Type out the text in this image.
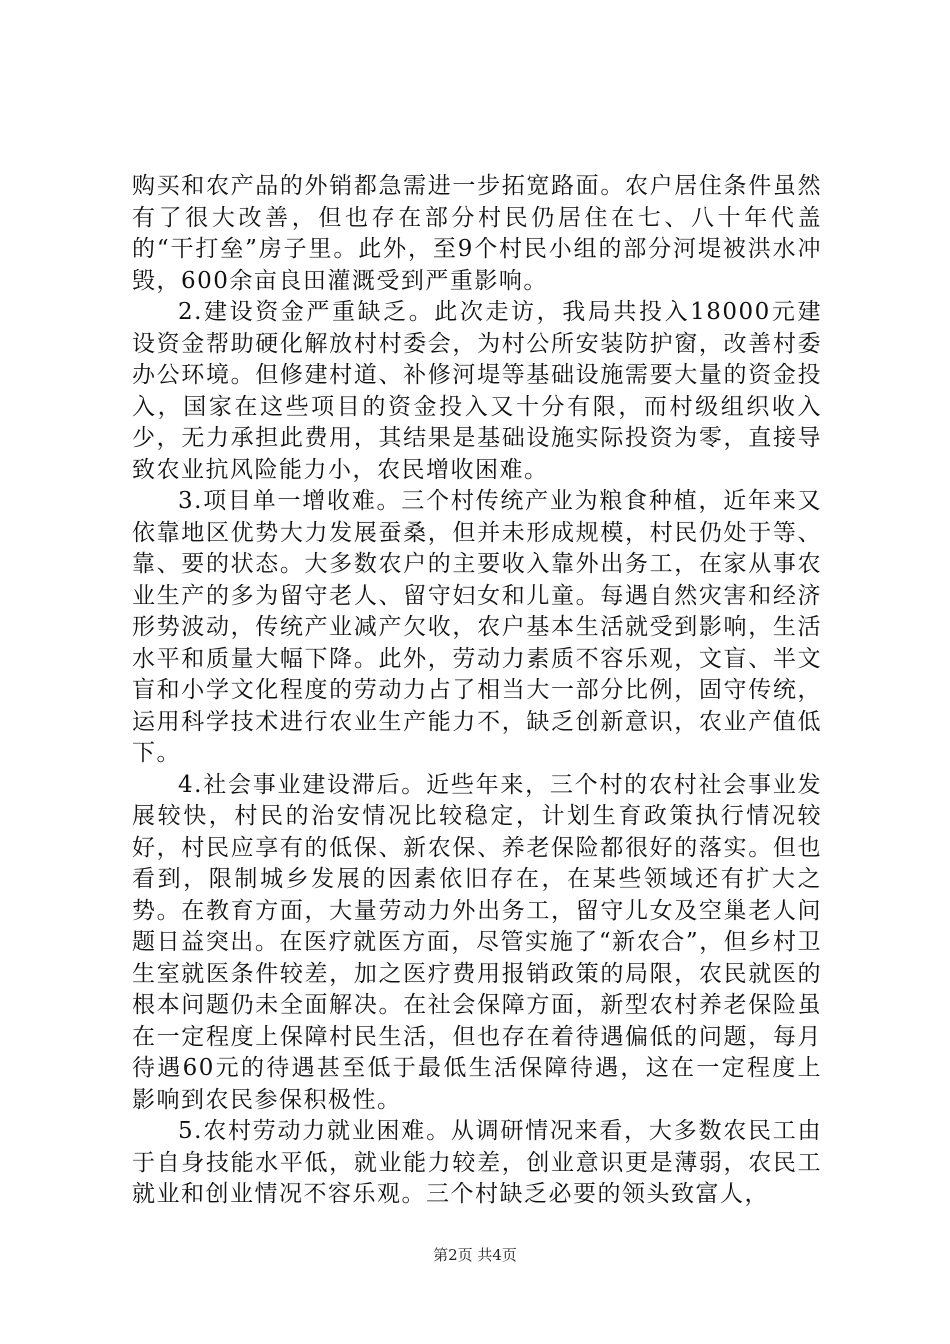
购买和农产品的外销都急需进一步拓宽路面。农户居住条件虽然有了很大改善，但也存在部分村民仍居住在七、八十年代盖的“干打垒”房子里。此外，至9个村民小组的部分河堤被洪水冲毁，600余亩良田灌溉受到严重影响。

2.建设资金严重缺乏。此次走访，我局共投入18000元建设资金帮助硬化解放村村委会，为村公所安装防护窗，改善村委办公环境。但修建村道、补修河堤等基础设施需要大量的资金投入，国家在这些项目的资金投入又十分有限，而村级组织收入少，无力承担此费用，其结果是基础设施实际投资为零，直接导致农业抗风险能力小，农民增收困难。

3.项目单一增收难。三个村传统产业为粮食种植，近年来又依靠地区优势大力发展蚕桑，但并未形成规模，村民仍处于等、靠、要的状态。大多数农户的主要收入靠外出务工，在家从事农业生产的多为留守老人、留守妇女和儿童。每遇自然灾害和经济形势波动，传统产业减产欠收，农户基本生活就受到影响，生活水平和质量大幅下降。此外，劳动力素质不容乐观，文盲、半文盲和小学文化程度的劳动力占了相当大一部分比例，固守传统，运用科学技术进行农业生产能力不，缺乏创新意识，农业产值低下。

4.社会事业建设滞后。近些年来，三个村的农村社会事业发展较快，村民的治安情况比较稳定，计划生育政策执行情况较好，村民应享有的低保、新农保、养老保险都很好的落实。但也看到，限制城乡发展的因素依旧存在，在某些领域还有扩大之势。在教育方面，大量劳动力外出务工，留守儿女及空巢老人问题日益突出。在医疗就医方面，尽管实施了“新农合”，但乡村卫生室就医条件较差，加之医疗费用报销政策的局限，农民就医的根本问题仍未全面解决。在社会保障方面，新型农村养老保险虽在一定程度上保障村民生活，但也存在着待遇偏低的问题，每月待遇60元的待遇甚至低于最低生活保障待遇，这在一定程度上影响到农民参保积极性。

5.农村劳动力就业困难。从调研情况来看，大多数农民工由于自身技能水平低，就业能力较差，创业意识更是薄弱，农民工就业和创业情况不容乐观。三个村缺乏必要的领头致富人，

第2页 共4页
